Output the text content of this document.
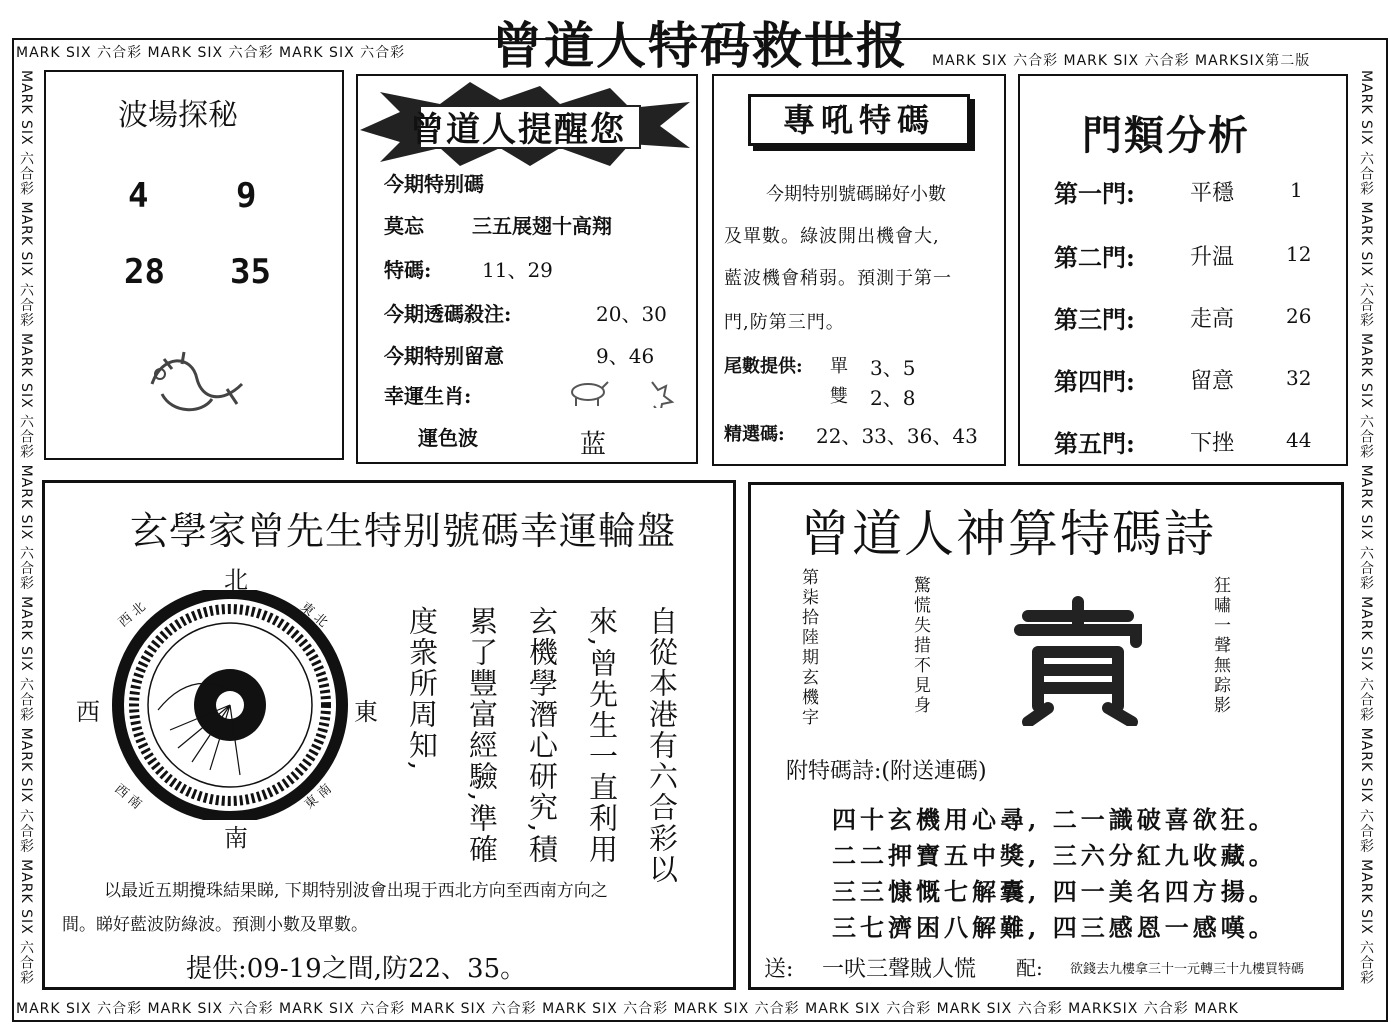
曾道人特码救世报
MARK SIX 六合彩 MARK SIX 六合彩 MARK SIX 六合彩	MARK SIX 六合彩 MARK SIX 六合彩 MARKSIX第二版
MARK SIX 六合彩 MARK SIX 六合彩 MARK SIX 六合彩 MARK SIX 六合彩 MARK SIX 六合彩 MARK SIX 六合彩 MARK SIX 六合彩 MARK SIX 六合彩 MARKSIX 六合彩 MARK
MARK SIX 六合彩 MARK SIX 六合彩 MARK SIX 六合彩 MARK SIX 六合彩 MARK SIX 六合彩 MARK SIX 六合彩 MARK SIX 六合彩	MARK SIX 六合彩 MARK SIX 六合彩 MARK SIX 六合彩 MARK SIX 六合彩 MARK SIX 六合彩 MARK SIX 六合彩 MARK SIX 六合彩
波場探秘
4	9
28 35
曾道人提醒您
今期特别碼
莫忘 三五展翅十高翔
特碼:	11、29
今期透碼殺注:	20、30
今期特别留意	9、46
幸運生肖:
運色波	蓝
專吼特碼
今期特别號碼睇好小數
及單數。綠波開出機會大,
藍波機會稍弱。預測于第一
門,防第三門。
尾數提供: 單 3、5
雙 2、8
精選碼: 22、33、36、43
門類分析
第一門:	平穩	1
第二門:	升温	12
第三門:	走高	26
第四門:	留意	32
第五門:	下挫	44
玄學家曾先生特别號碼幸運輪盤
北
南
東
西
西 北	東 北
西 南	東 南	自從本港有六合彩以
來,曾先生一直利用
玄機學潛心研究,積
累了豐富經驗,準確
度衆所周知,
以最近五期攪珠結果睇, 下期特别波會出現于西北方向至西南方向之
間。睇好藍波防綠波。預測小數及單數。
提供:09-19之間,防22、35。
曾道人神算特碼詩
第柒拾陸期玄機字	驚慌失措不見身	狂嘯一聲無踪影
附特碼詩:(附送連碼)
四十玄機用心尋, 二一識破喜欲狂。
二二押寶五中獎, 三六分紅九收藏。
三三慷慨七解囊, 四一美名四方揚。
三七濟困八解難, 四三感恩一感嘆。
送: 一吠三聲賊人慌 配: 欲錢去九樓拿三十一元轉三十九樓買特碼
